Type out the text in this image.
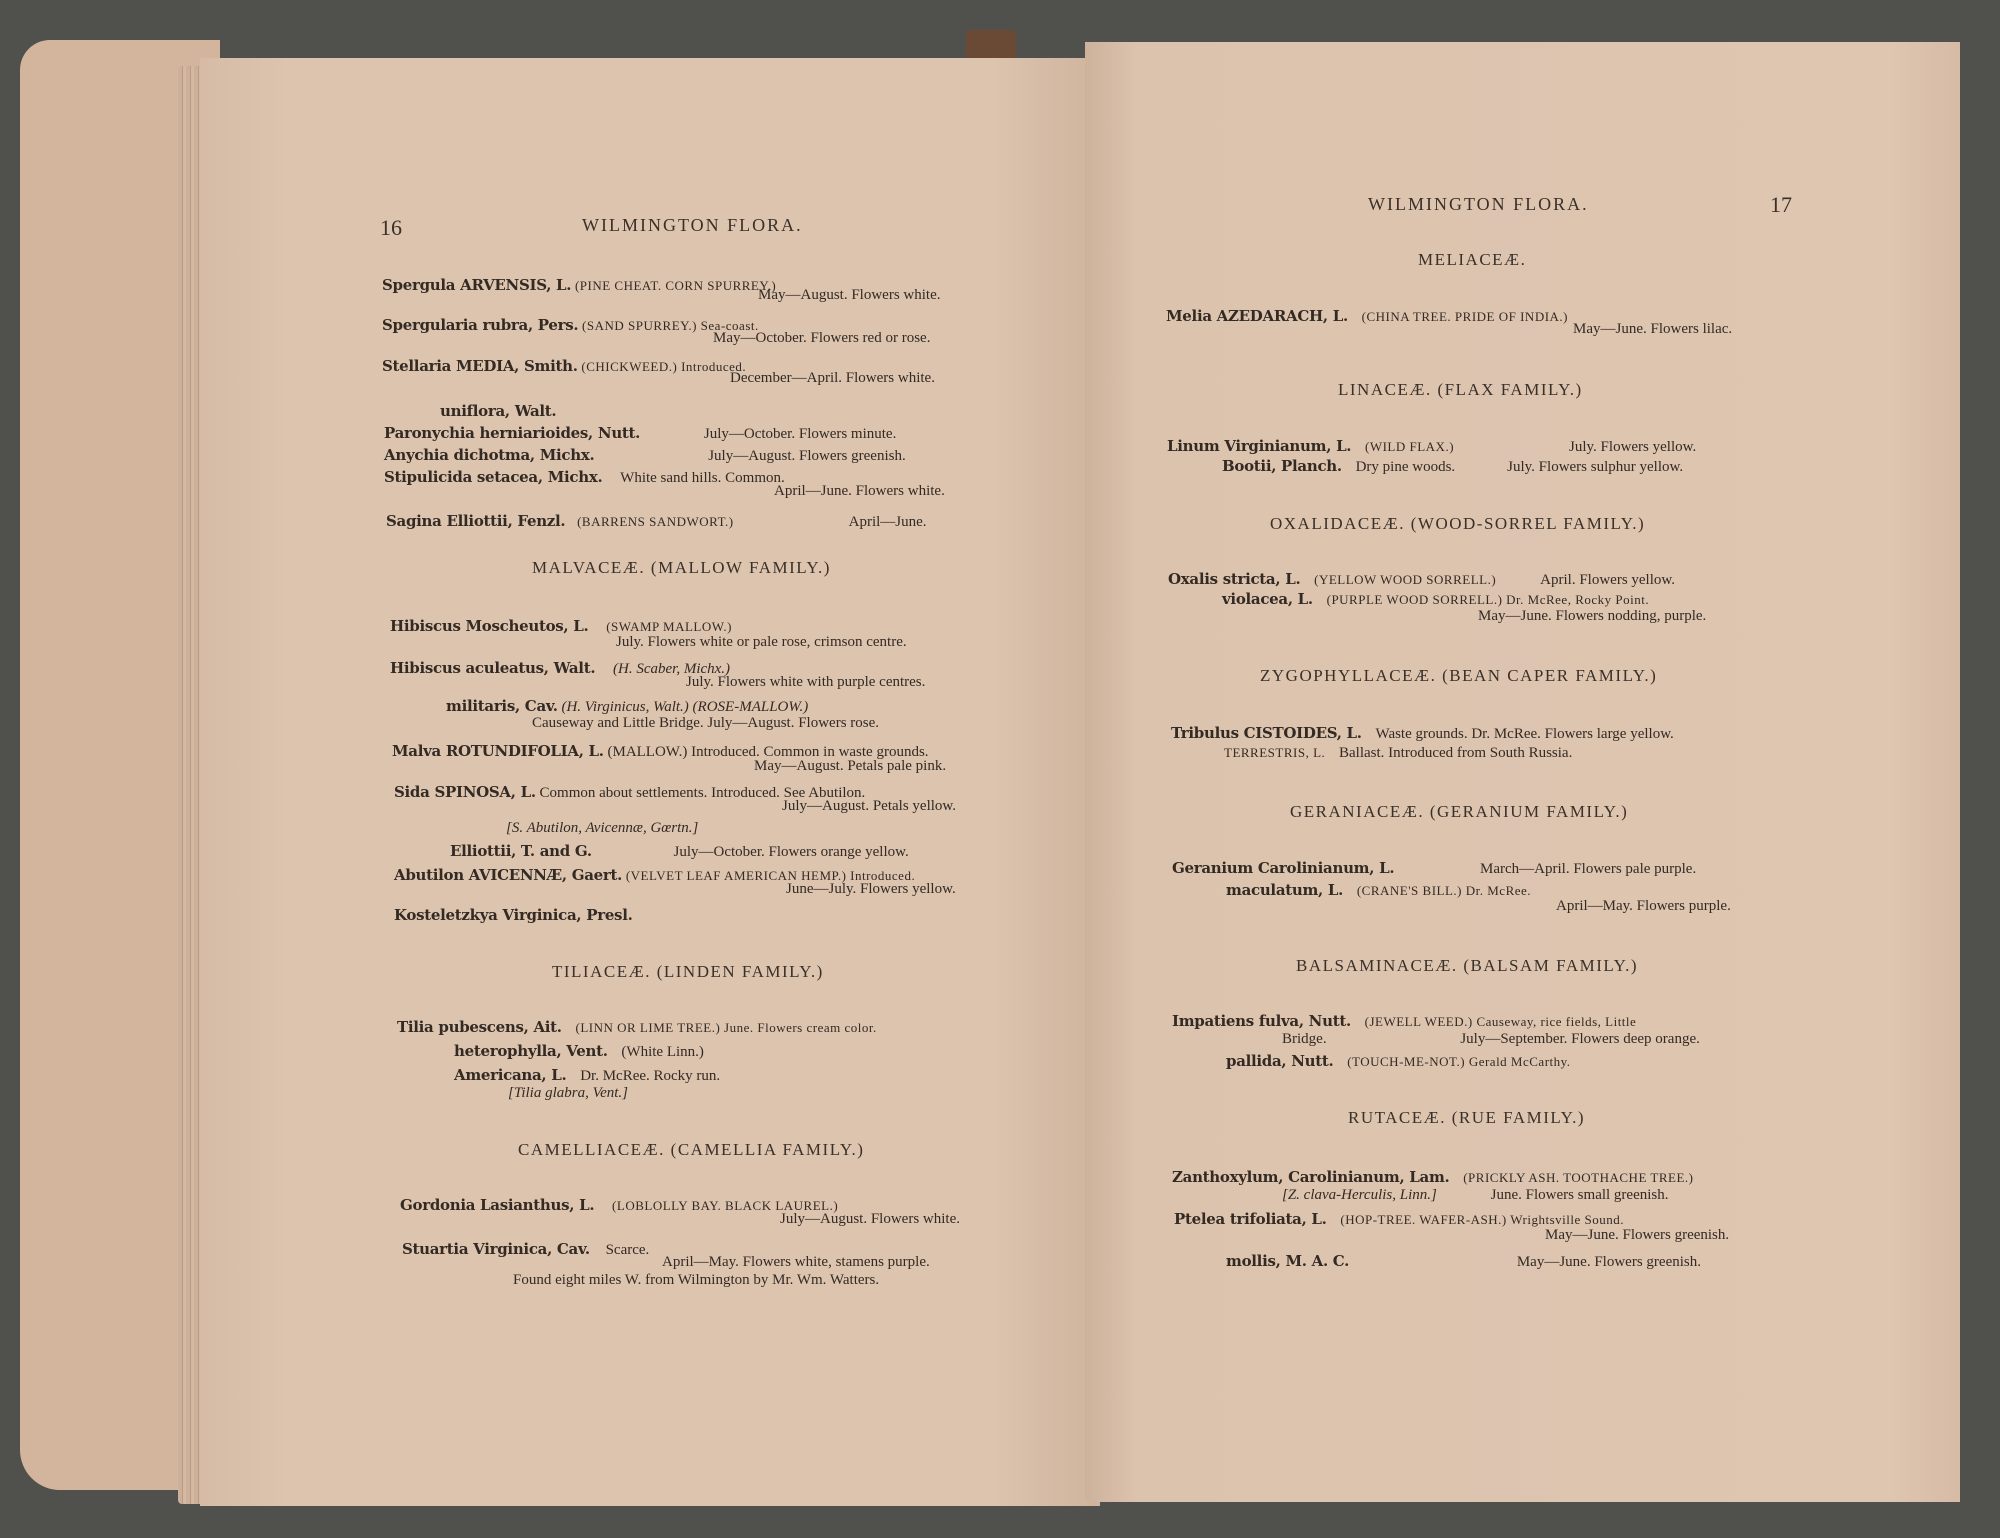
16	WILMINGTON FLORA.
Spergula ARVENSIS, L. (PINE CHEAT. CORN SPURREY.)
May—August. Flowers white.
Spergularia rubra, Pers. (SAND SPURREY.) Sea-coast.
May—October. Flowers red or rose.
Stellaria MEDIA, Smith. (CHICKWEED.) Introduced.
December—April. Flowers white.
uniflora, Walt.
Paronychia herniarioides, Nutt.	July—October. Flowers minute.
Anychia dichotma, Michx.	July—August. Flowers greenish.
Stipulicida setacea, Michx. White sand hills. Common.
April—June. Flowers white.
Sagina Elliottii, Fenzl. (BARRENS SANDWORT.)	April—June.
MALVACEÆ. (MALLOW FAMILY.)
Hibiscus Moscheutos, L. (SWAMP MALLOW.)
July. Flowers white or pale rose, crimson centre.
Hibiscus aculeatus, Walt. (H. Scaber, Michx.)
July. Flowers white with purple centres.
militaris, Cav. (H. Virginicus, Walt.) (ROSE-MALLOW.)
Causeway and Little Bridge. July—August. Flowers rose.
Malva ROTUNDIFOLIA, L. (MALLOW.) Introduced. Common in waste grounds.
May—August. Petals pale pink.
Sida SPINOSA, L. Common about settlements. Introduced. See Abutilon.
July—August. Petals yellow.
[S. Abutilon, Avicennæ, Gœrtn.]
Elliottii, T. and G.	July—October. Flowers orange yellow.
Abutilon AVICENNÆ, Gaert. (VELVET LEAF AMERICAN HEMP.) Introduced.
June—July. Flowers yellow.
Kosteletzkya Virginica, Presl.
TILIACEÆ. (LINDEN FAMILY.)
Tilia pubescens, Ait. (LINN OR LIME TREE.) June. Flowers cream color.
heterophylla, Vent. (White Linn.)
Americana, L. Dr. McRee. Rocky run.
[Tilia glabra, Vent.]
CAMELLIACEÆ. (CAMELLIA FAMILY.)
Gordonia Lasianthus, L. (LOBLOLLY BAY. BLACK LAUREL.)
July—August. Flowers white.
Stuartia Virginica, Cav. Scarce.
April—May. Flowers white, stamens purple.
Found eight miles W. from Wilmington by Mr. Wm. Watters.
WILMINGTON FLORA.	17
MELIACEÆ.
Melia AZEDARACH, L. (CHINA TREE. PRIDE OF INDIA.)
May—June. Flowers lilac.
LINACEÆ. (FLAX FAMILY.)
Linum Virginianum, L. (WILD FLAX.)	July. Flowers yellow.
Bootii, Planch. Dry pine woods.	July. Flowers sulphur yellow.
OXALIDACEÆ. (WOOD-SORREL FAMILY.)
Oxalis stricta, L. (YELLOW WOOD SORRELL.)	April. Flowers yellow.
violacea, L. (PURPLE WOOD SORRELL.) Dr. McRee, Rocky Point.
May—June. Flowers nodding, purple.
ZYGOPHYLLACEÆ. (BEAN CAPER FAMILY.)
Tribulus CISTOIDES, L. Waste grounds. Dr. McRee. Flowers large yellow.
TERRESTRIS, L. Ballast. Introduced from South Russia.
GERANIACEÆ. (GERANIUM FAMILY.)
Geranium Carolinianum, L.	March—April. Flowers pale purple.
maculatum, L. (CRANE'S BILL.) Dr. McRee.
April—May. Flowers purple.
BALSAMINACEÆ. (BALSAM FAMILY.)
Impatiens fulva, Nutt. (JEWELL WEED.) Causeway, rice fields, Little
Bridge.	July—September. Flowers deep orange.
pallida, Nutt. (TOUCH-ME-NOT.) Gerald McCarthy.
RUTACEÆ. (RUE FAMILY.)
Zanthoxylum, Carolinianum, Lam. (PRICKLY ASH. TOOTHACHE TREE.)
[Z. clava-Herculis, Linn.]	June. Flowers small greenish.
Ptelea trifoliata, L. (HOP-TREE. WAFER-ASH.) Wrightsville Sound.
May—June. Flowers greenish.
mollis, M. A. C.	May—June. Flowers greenish.
